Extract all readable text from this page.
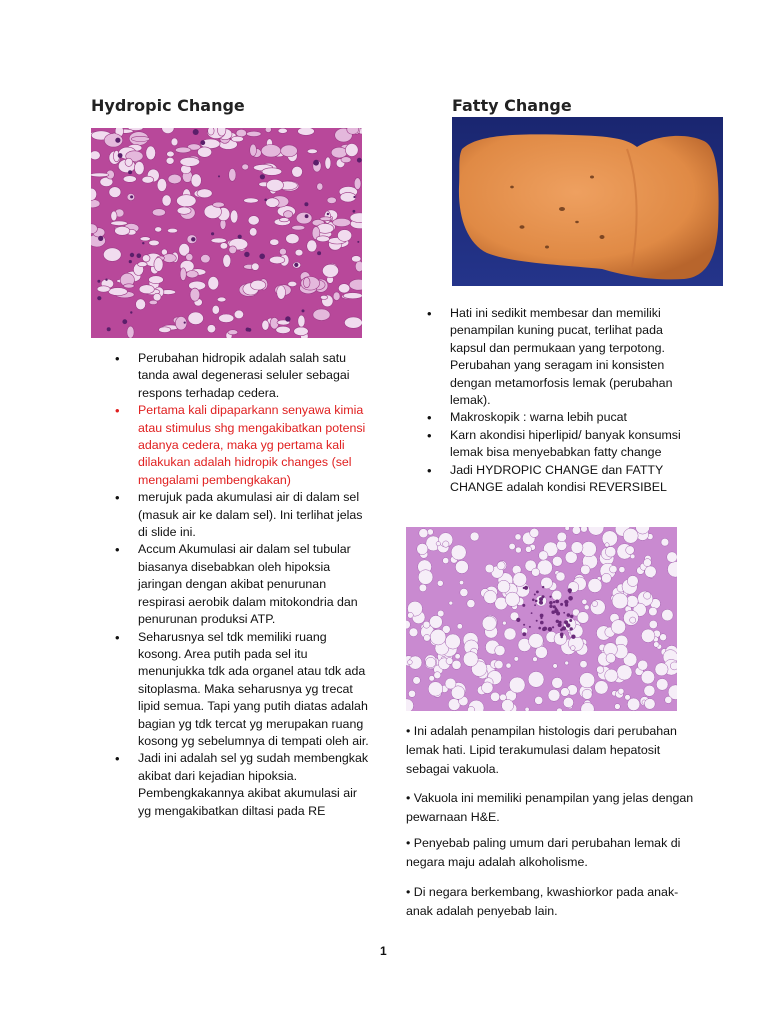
Hydropic Change
• Perubahan hidropik adalah salah satu tanda awal degenerasi seluler sebagai respons terhadap cedera.
• Pertama kali dipaparkann senyawa kimia atau stimulus shg mengakibatkan potensi adanya cedera, maka yg pertama kali dilakukan adalah hidropik changes (sel mengalami pembengkakan)
• merujuk pada akumulasi air di dalam sel (masuk air ke dalam sel). Ini terlihat jelas di slide ini.
• Accum Akumulasi air dalam sel tubular biasanya disebabkan oleh hipoksia jaringan dengan akibat penurunan respirasi aerobik dalam mitokondria dan penurunan produksi ATP.
• Seharusnya sel tdk memiliki ruang kosong. Area putih pada sel itu menunjukka tdk ada organel atau tdk ada sitoplasma. Maka seharusnya yg trecat lipid semua. Tapi yang putih diatas adalah bagian yg tdk tercat yg merupakan ruang kosong yg sebelumnya di tempati oleh air.
• Jadi ini adalah sel yg sudah membengkak akibat dari kejadian hipoksia. Pembengkakannya akibat akumulasi air yg mengakibatkan diltasi pada RE
Fatty Change
• Hati ini sedikit membesar dan memiliki penampilan kuning pucat, terlihat pada kapsul dan permukaan yang terpotong. Perubahan yang seragam ini konsisten dengan metamorfosis lemak (perubahan lemak).
• Makroskopik : warna lebih pucat
• Karn akondisi hiperlipid/ banyak konsumsi lemak bisa menyebabkan fatty change
• Jadi HYDROPIC CHANGE dan FATTY CHANGE adalah kondisi REVERSIBEL

• Ini adalah penampilan histologis dari perubahan lemak hati. Lipid terakumulasi dalam hepatosit sebagai vakuola.

• Vakuola ini memiliki penampilan yang jelas dengan pewarnaan H&E.

• Penyebab paling umum dari perubahan lemak di negara maju adalah alkoholisme.

• Di negara berkembang, kwashiorkor pada anak-anak adalah penyebab lain.

1
